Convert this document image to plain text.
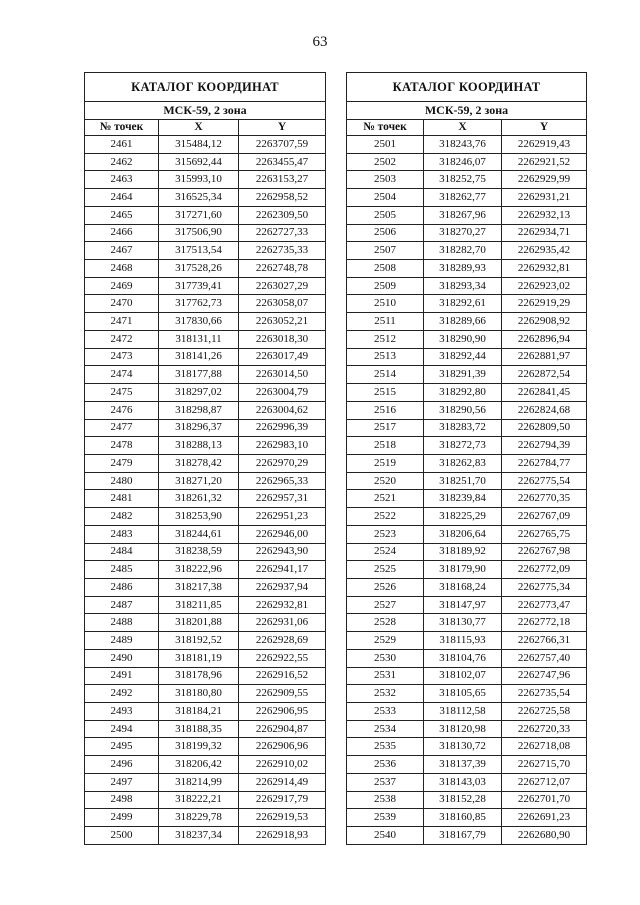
63
КАТАЛОГ КООРДИНАТ		
МСК-59, 2 зона		
№ точек	X	Y
2461	315484,12	2263707,59
2462	315692,44	2263455,47
2463	315993,10	2263153,27
2464	316525,34	2262958,52
2465	317271,60	2262309,50
2466	317506,90	2262727,33
2467	317513,54	2262735,33
2468	317528,26	2262748,78
2469	317739,41	2263027,29
2470	317762,73	2263058,07
2471	317830,66	2263052,21
2472	318131,11	2263018,30
2473	318141,26	2263017,49
2474	318177,88	2263014,50
2475	318297,02	2263004,79
2476	318298,87	2263004,62
2477	318296,37	2262996,39
2478	318288,13	2262983,10
2479	318278,42	2262970,29
2480	318271,20	2262965,33
2481	318261,32	2262957,31
2482	318253,90	2262951,23
2483	318244,61	2262946,00
2484	318238,59	2262943,90
2485	318222,96	2262941,17
2486	318217,38	2262937,94
2487	318211,85	2262932,81
2488	318201,88	2262931,06
2489	318192,52	2262928,69
2490	318181,19	2262922,55
2491	318178,96	2262916,52
2492	318180,80	2262909,55
2493	318184,21	2262906,95
2494	318188,35	2262904,87
2495	318199,32	2262906,96
2496	318206,42	2262910,02
2497	318214,99	2262914,49
2498	318222,21	2262917,79
2499	318229,78	2262919,53
2500	318237,34	2262918,93
КАТАЛОГ КООРДИНАТ		
МСК-59, 2 зона		
№ точек	X	Y
2501	318243,76	2262919,43
2502	318246,07	2262921,52
2503	318252,75	2262929,99
2504	318262,77	2262931,21
2505	318267,96	2262932,13
2506	318270,27	2262934,71
2507	318282,70	2262935,42
2508	318289,93	2262932,81
2509	318293,34	2262923,02
2510	318292,61	2262919,29
2511	318289,66	2262908,92
2512	318290,90	2262896,94
2513	318292,44	2262881,97
2514	318291,39	2262872,54
2515	318292,80	2262841,45
2516	318290,56	2262824,68
2517	318283,72	2262809,50
2518	318272,73	2262794,39
2519	318262,83	2262784,77
2520	318251,70	2262775,54
2521	318239,84	2262770,35
2522	318225,29	2262767,09
2523	318206,64	2262765,75
2524	318189,92	2262767,98
2525	318179,90	2262772,09
2526	318168,24	2262775,34
2527	318147,97	2262773,47
2528	318130,77	2262772,18
2529	318115,93	2262766,31
2530	318104,76	2262757,40
2531	318102,07	2262747,96
2532	318105,65	2262735,54
2533	318112,58	2262725,58
2534	318120,98	2262720,33
2535	318130,72	2262718,08
2536	318137,39	2262715,70
2537	318143,03	2262712,07
2538	318152,28	2262701,70
2539	318160,85	2262691,23
2540	318167,79	2262680,90
